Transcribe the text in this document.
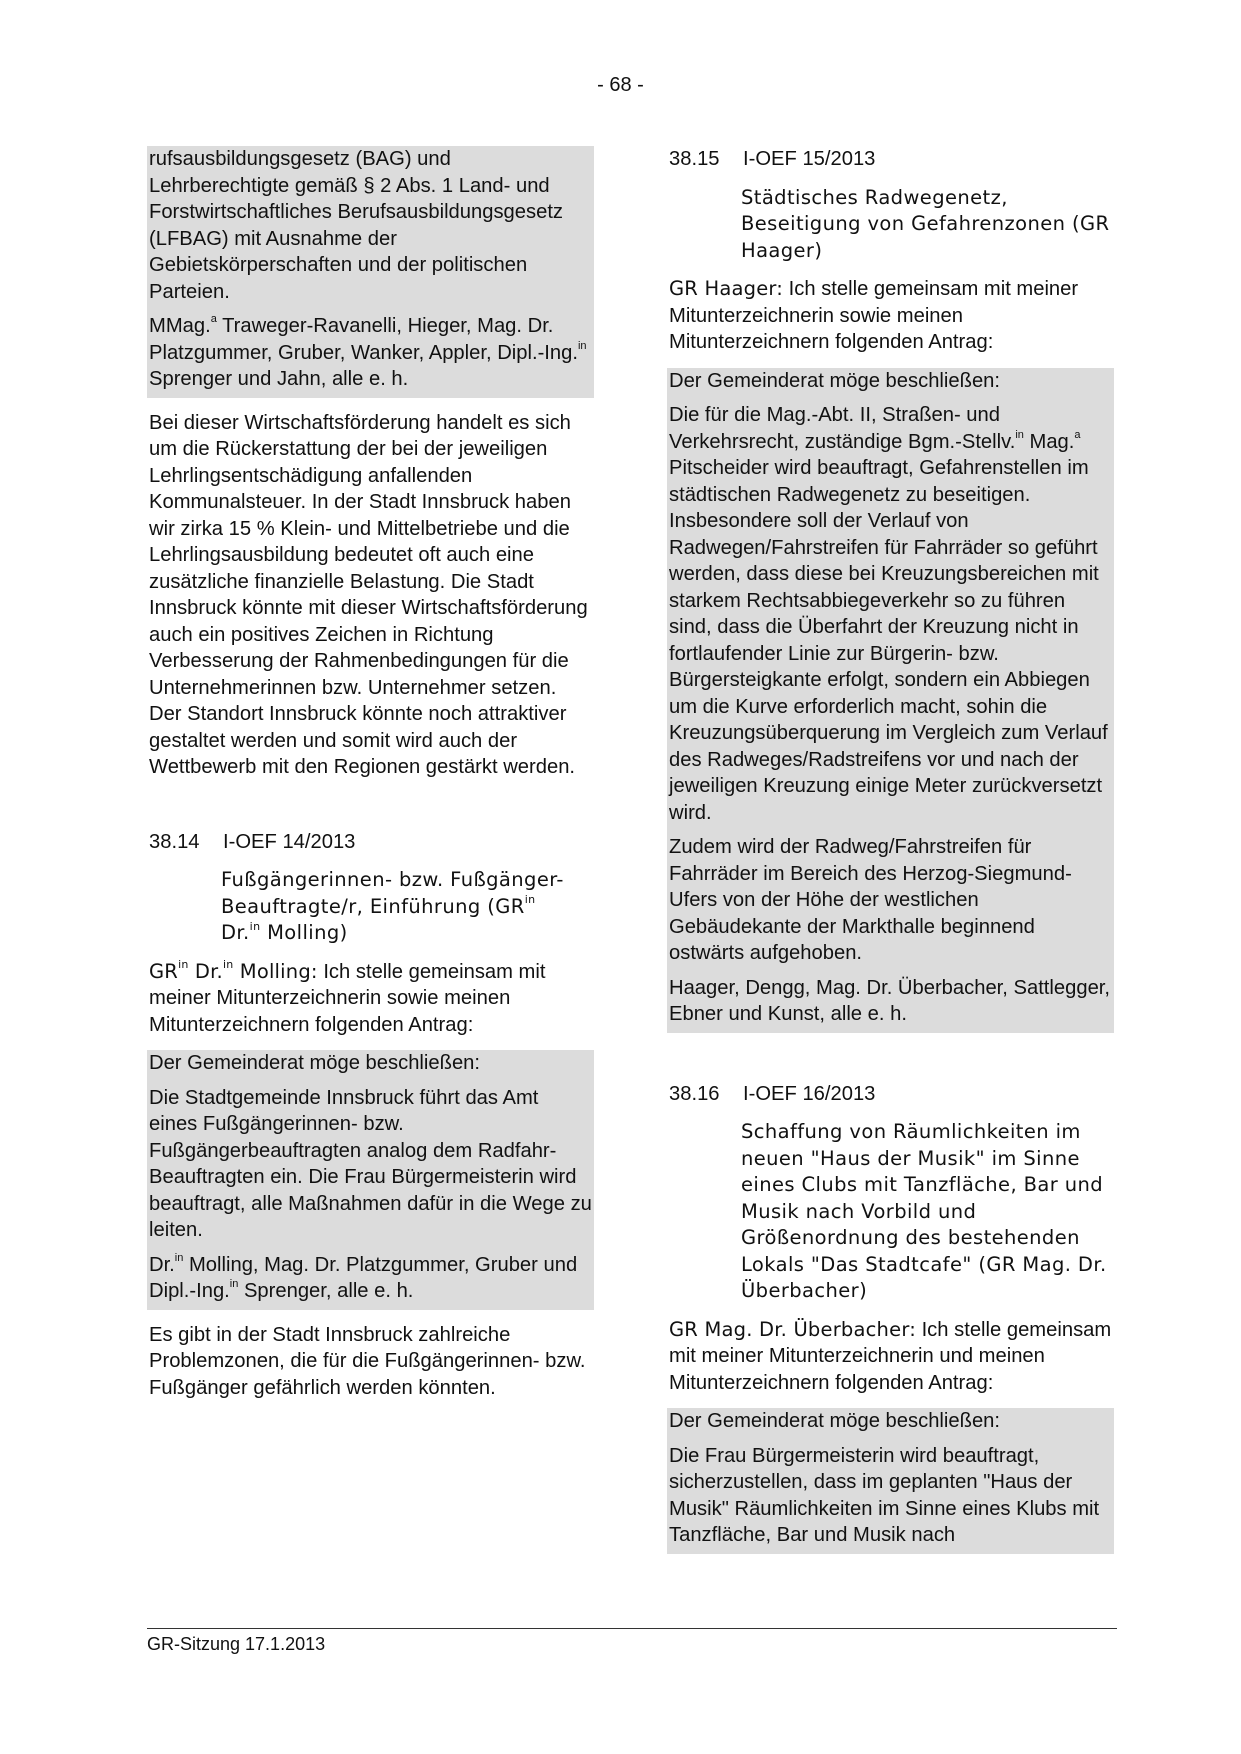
- 68 -

rufsausbildungsgesetz (BAG) und Lehrberechtigte gemäß § 2 Abs. 1 Land- und Forstwirtschaftliches Berufsausbildungsgesetz (LFBAG) mit Ausnahme der Gebietskörperschaften und der politischen Parteien.

MMag.$^a$ Traweger-Ravanelli, Hieger, Mag. Dr. Platzgummer, Gruber, Wanker, Appler, Dipl.-Ing.$^{in}$ Sprenger und Jahn, alle e. h.

Bei dieser Wirtschaftsförderung handelt es sich um die Rückerstattung der bei der jeweiligen Lehrlingsentschädigung anfallenden Kommunalsteuer. In der Stadt Innsbruck haben wir zirka 15 % Klein- und Mittelbetriebe und die Lehrlingsausbildung bedeutet oft auch eine zusätzliche finanzielle Belastung. Die Stadt Innsbruck könnte mit dieser Wirtschaftsförderung auch ein positives Zeichen in Richtung Verbesserung der Rahmenbedingungen für die Unternehmerinnen bzw. Unternehmer setzen. Der Standort Innsbruck könnte noch attraktiver gestaltet werden und somit wird auch der Wettbewerb mit den Regionen gestärkt werden.

38.14 I-OEF 14/2013

Fußgängerinnen- bzw. Fußgänger-Beauftragte/r, Einführung ($GR^{in}$
Dr.$^{in}$ Molling)

$GR^{in}$ Dr.$^{in}$ Molling: Ich stelle gemeinsam mit meiner Mitunterzeichnerin sowie meinen Mitunterzeichnern folgenden Antrag:

Der Gemeinderat möge beschließen:

Die Stadtgemeinde Innsbruck führt das Amt eines Fußgängerinnen- bzw. Fußgängerbeauftragten analog dem Radfahr-Beauftragten ein. Die Frau Bürgermeisterin wird beauftragt, alle Maßnahmen dafür in die Wege zu leiten.

Dr.$^{in}$ Molling, Mag. Dr. Platzgummer, Gruber und Dipl.-Ing.$^{in}$ Sprenger, alle e. h.

Es gibt in der Stadt Innsbruck zahlreiche Problemzonen, die für die Fußgängerinnen- bzw. Fußgänger gefährlich werden könnten.

38.15 I-OEF 15/2013

Städtisches Radwegenetz, Beseitigung von Gefahrenzonen (GR Haager)

GR Haager: Ich stelle gemeinsam mit meiner Mitunterzeichnerin sowie meinen Mitunterzeichnern folgenden Antrag:

Der Gemeinderat möge beschließen:

Die für die Mag.-Abt. II, Straßen- und Verkehrsrecht, zuständige Bgm.-Stellv.$^{in}$ Mag.$^a$ Pitscheider wird beauftragt, Gefahrenstellen im städtischen Radwegenetz zu beseitigen. Insbesondere soll der Verlauf von Radwegen/Fahrstreifen für Fahrräder so geführt werden, dass diese bei Kreuzungsbereichen mit starkem Rechtsabbiegeverkehr so zu führen sind, dass die Überfahrt der Kreuzung nicht in fortlaufender Linie zur Bürgerin- bzw. Bürgersteigkante erfolgt, sondern ein Abbiegen um die Kurve erforderlich macht, sohin die Kreuzungsüberquerung im Vergleich zum Verlauf des Radweges/Radstreifens vor und nach der jeweiligen Kreuzung einige Meter zurückversetzt wird.

Zudem wird der Radweg/Fahrstreifen für Fahrräder im Bereich des Herzog-Siegmund-Ufers von der Höhe der westlichen Gebäudekante der Markthalle beginnend ostwärts aufgehoben.

Haager, Dengg, Mag. Dr. Überbacher, Sattlegger, Ebner und Kunst, alle e. h.

38.16 I-OEF 16/2013

Schaffung von Räumlichkeiten im neuen "Haus der Musik" im Sinne eines Clubs mit Tanzfläche, Bar und Musik nach Vorbild und Größenordnung des bestehenden Lokals "Das Stadtcafe" (GR Mag. Dr. Überbacher)

GR Mag. Dr. Überbacher: Ich stelle gemeinsam mit meiner Mitunterzeichnerin und meinen Mitunterzeichnern folgenden Antrag:

Der Gemeinderat möge beschließen:

Die Frau Bürgermeisterin wird beauftragt, sicherzustellen, dass im geplanten "Haus der Musik" Räumlichkeiten im Sinne eines Klubs mit Tanzfläche, Bar und Musik nach

GR-Sitzung 17.1.2013
